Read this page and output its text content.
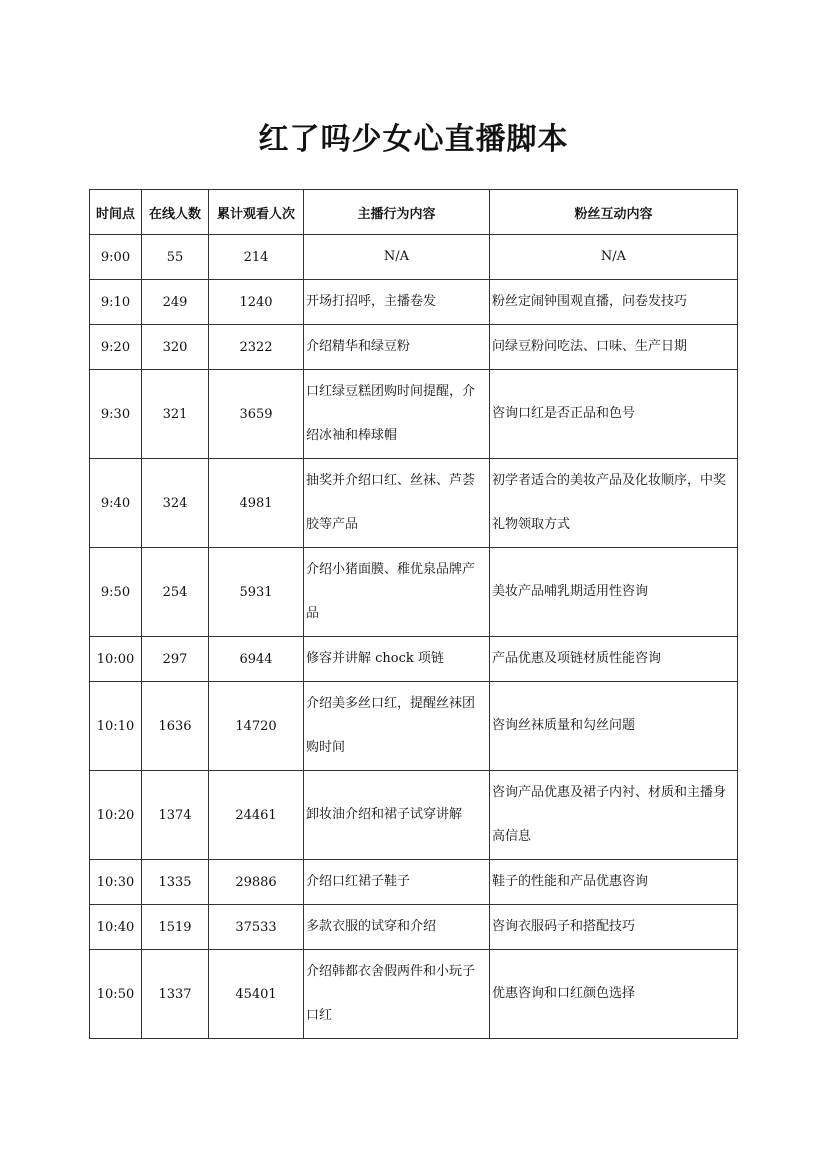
红了吗少女心直播脚本
时间点	在线人数	累计观看人次	主播行为内容	粉丝互动内容
9:00	55	214	N/A	N/A
9:10	249	1240	开场打招呼，主播卷发	粉丝定闹钟围观直播，问卷发技巧
9:20	320	2322	介绍精华和绿豆粉	问绿豆粉问吃法、口味、生产日期
9:30	321	3659	口红绿豆糕团购时间提醒，介绍冰袖和棒球帽	咨询口红是否正品和色号
9:40	324	4981	抽奖并介绍口红、丝袜、芦荟胶等产品	初学者适合的美妆产品及化妆顺序，中奖礼物领取方式
9:50	254	5931	介绍小猪面膜、稚优泉品牌产品	美妆产品哺乳期适用性咨询
10:00	297	6944	修容并讲解 chock 项链	产品优惠及项链材质性能咨询
10:10	1636	14720	介绍美多丝口红，提醒丝袜团购时间	咨询丝袜质量和勾丝问题
10:20	1374	24461	卸妆油介绍和裙子试穿讲解	咨询产品优惠及裙子内衬、材质和主播身高信息
10:30	1335	29886	介绍口红裙子鞋子	鞋子的性能和产品优惠咨询
10:40	1519	37533	多款衣服的试穿和介绍	咨询衣服码子和搭配技巧
10:50	1337	45401	介绍韩都衣舍假两件和小玩子口红	优惠咨询和口红颜色选择
